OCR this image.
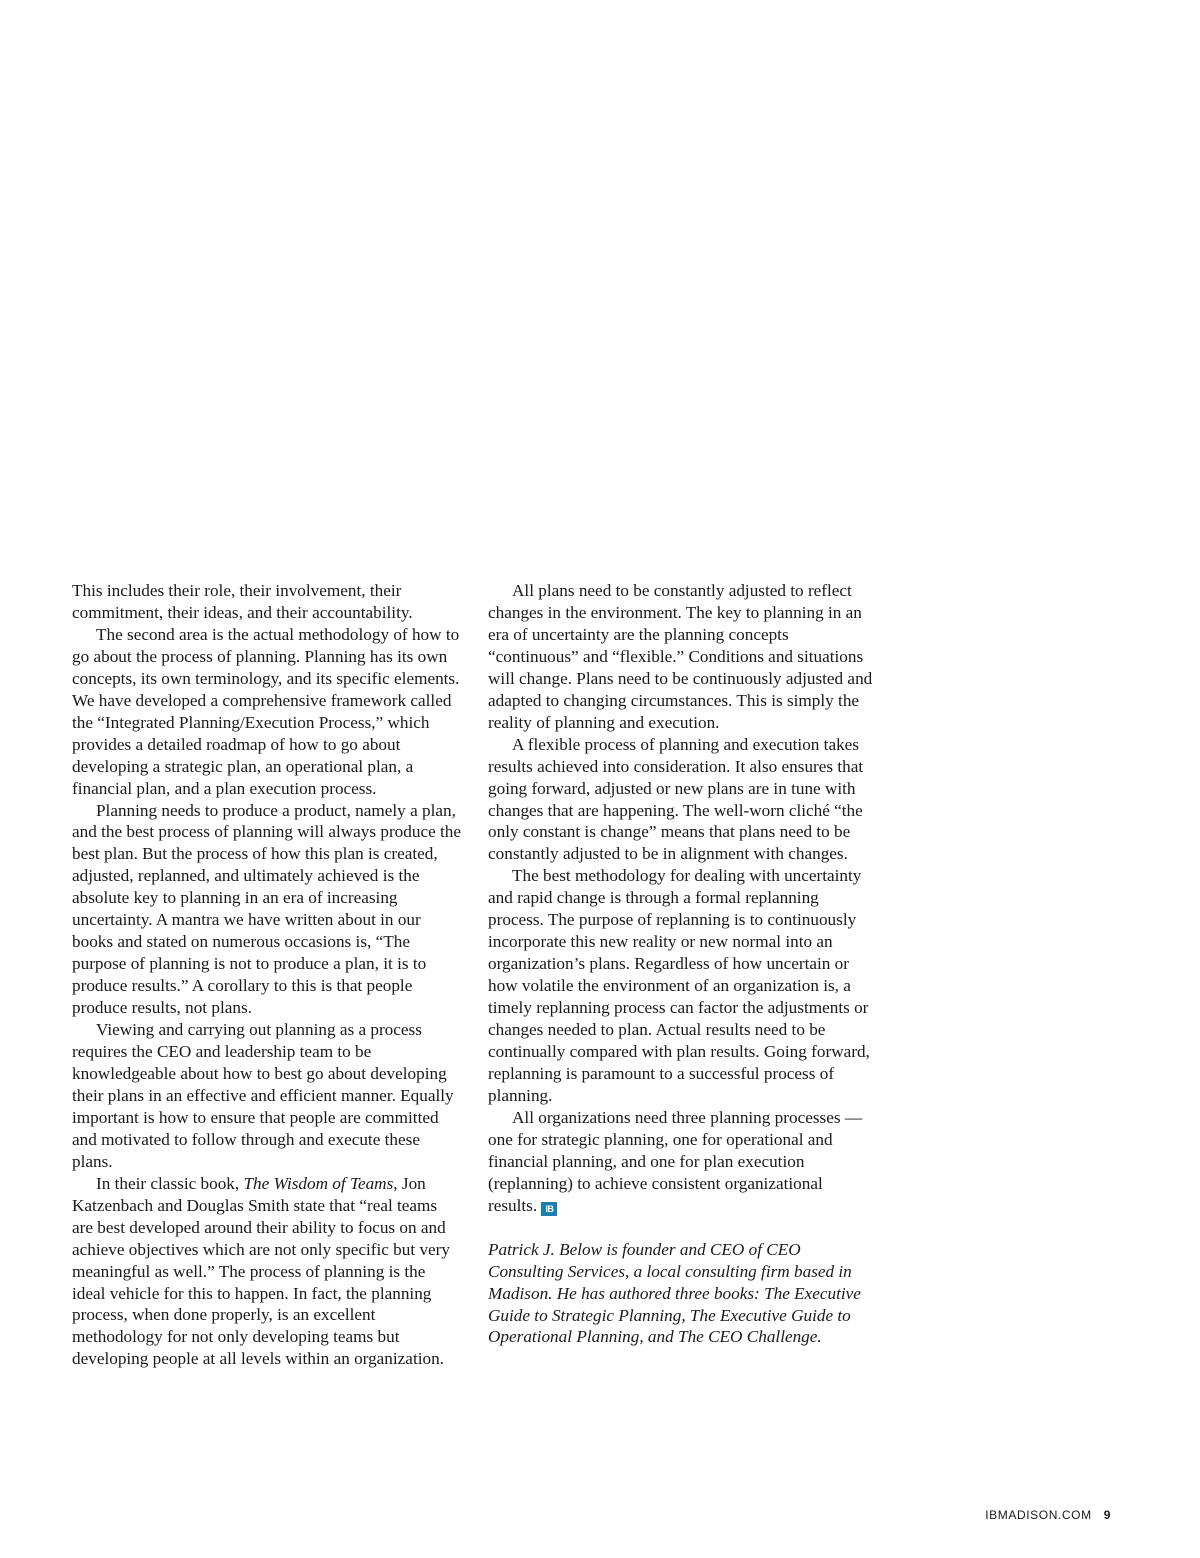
This includes their role, their involvement, their commitment, their ideas, and their accountability.

The second area is the actual methodology of how to go about the process of planning. Planning has its own concepts, its own terminology, and its specific elements. We have developed a comprehensive framework called the “Integrated Planning/Execution Process,” which provides a detailed roadmap of how to go about developing a strategic plan, an operational plan, a financial plan, and a plan execution process.

Planning needs to produce a product, namely a plan, and the best process of planning will always produce the best plan. But the process of how this plan is created, adjusted, replanned, and ultimately achieved is the absolute key to planning in an era of increasing uncertainty. A mantra we have written about in our books and stated on numerous occasions is, “The purpose of planning is not to produce a plan, it is to produce results.” A corollary to this is that people produce results, not plans.

Viewing and carrying out planning as a process requires the CEO and leadership team to be knowledgeable about how to best go about developing their plans in an effective and efficient manner. Equally important is how to ensure that people are committed and motivated to follow through and execute these plans.

In their classic book, The Wisdom of Teams, Jon Katzenbach and Douglas Smith state that “real teams are best developed around their ability to focus on and achieve objectives which are not only specific but very meaningful as well.” The process of planning is the ideal vehicle for this to happen. In fact, the planning process, when done properly, is an excellent methodology for not only developing teams but developing people at all levels within an organization.

All plans need to be constantly adjusted to reflect changes in the environment. The key to planning in an era of uncertainty are the planning concepts “continuous” and “flexible.” Conditions and situations will change. Plans need to be continuously adjusted and adapted to changing circumstances. This is simply the reality of planning and execution.

A flexible process of planning and execution takes results achieved into consideration. It also ensures that going forward, adjusted or new plans are in tune with changes that are happening. The well-worn cliché “the only constant is change” means that plans need to be constantly adjusted to be in alignment with changes.

The best methodology for dealing with uncertainty and rapid change is through a formal replanning process. The purpose of replanning is to continuously incorporate this new reality or new normal into an organization’s plans. Regardless of how uncertain or how volatile the environment of an organization is, a timely replanning process can factor the adjustments or changes needed to plan. Actual results need to be continually compared with plan results. Going forward, replanning is paramount to a successful process of planning.

All organizations need three planning processes — one for strategic planning, one for operational and financial planning, and one for plan execution (replanning) to achieve consistent organizational results. IB

Patrick J. Below is founder and CEO of CEO Consulting Services, a local consulting firm based in Madison. He has authored three books: The Executive Guide to Strategic Planning, The Executive Guide to Operational Planning, and The CEO Challenge.

IBMADISON.COM 9
